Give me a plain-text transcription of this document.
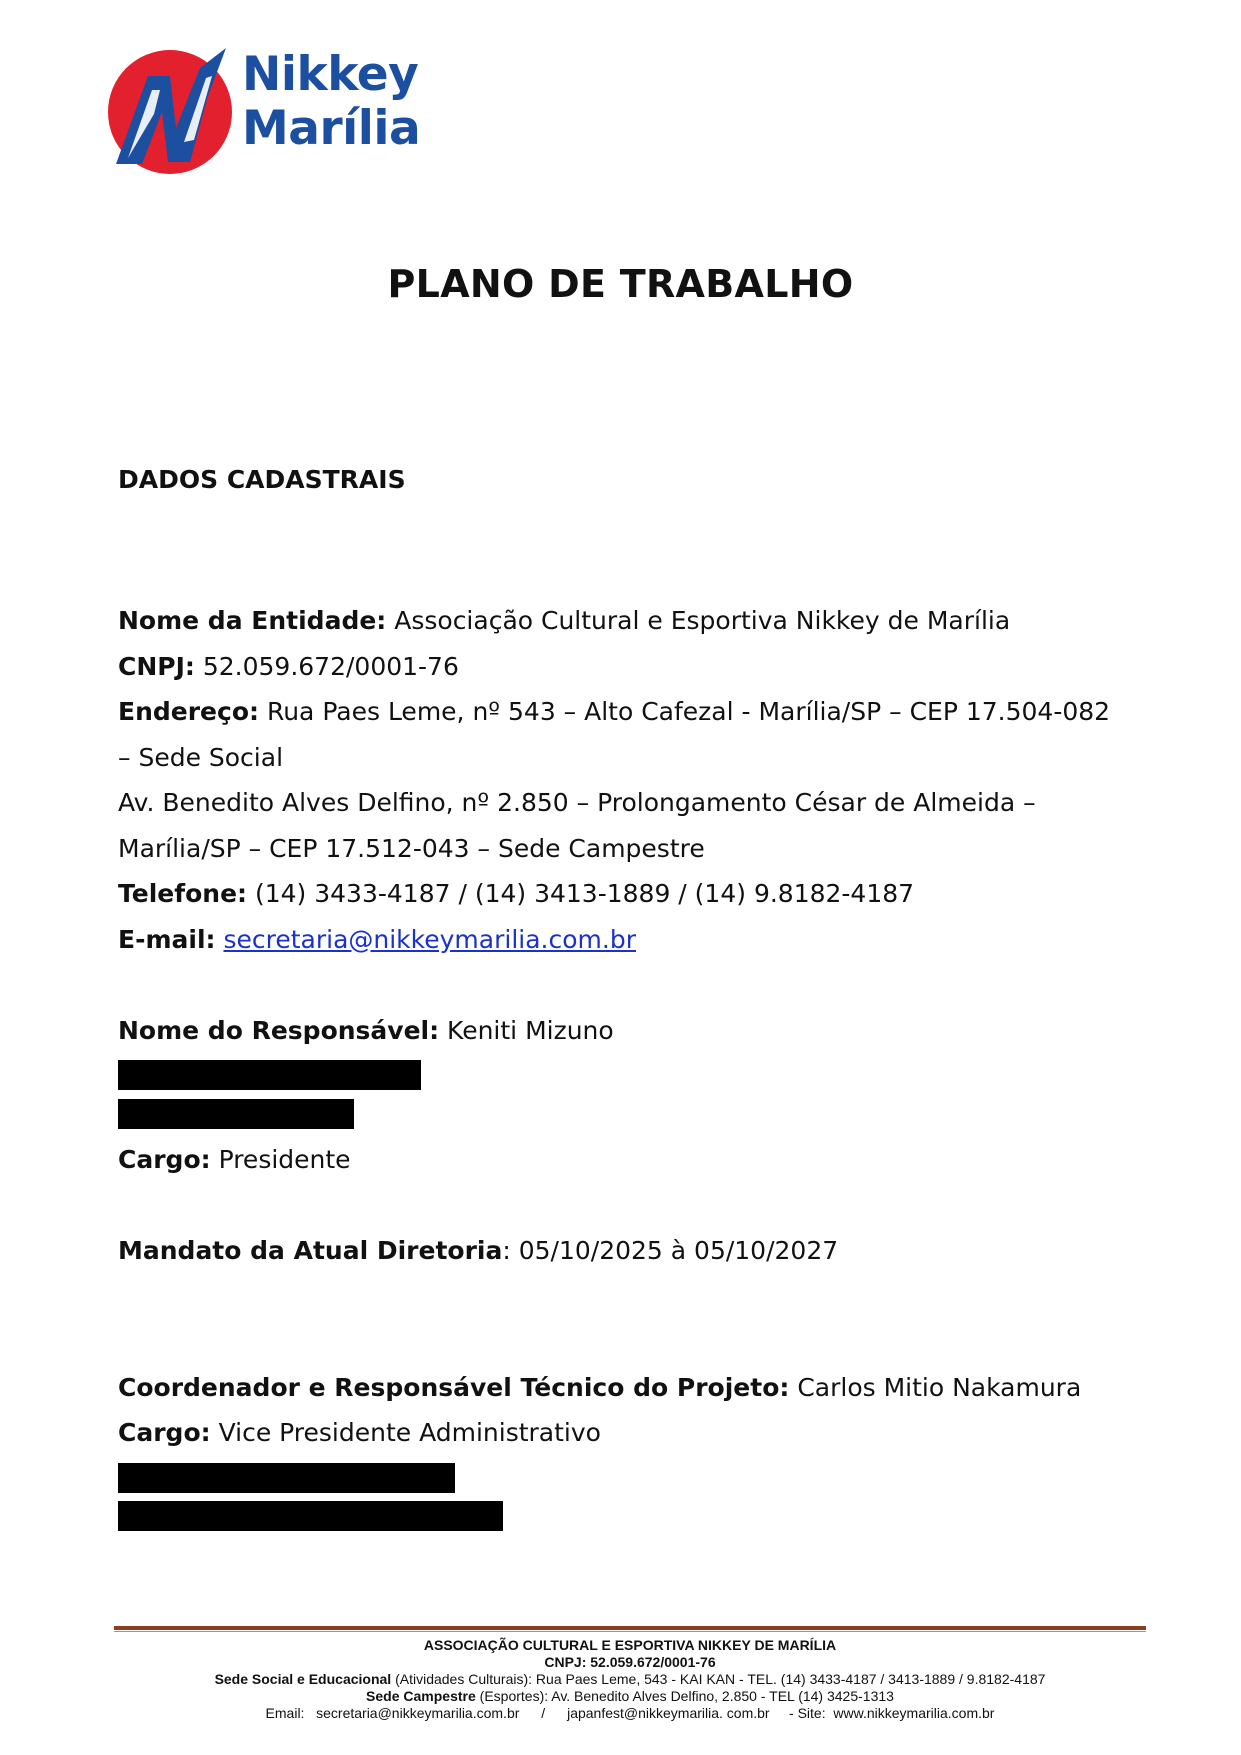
Nikkey
Marília
PLANO DE TRABALHO
DADOS CADASTRAIS
Nome da Entidade: Associação Cultural e Esportiva Nikkey de Marília
CNPJ: 52.059.672/0001-76
Endereço: Rua Paes Leme, nº 543 – Alto Cafezal - Marília/SP – CEP 17.504-082
– Sede Social
Av. Benedito Alves Delfino, nº 2.850 – Prolongamento César de Almeida –
Marília/SP – CEP 17.512-043 – Sede Campestre
Telefone: (14) 3433-4187 / (14) 3413-1889 / (14) 9.8182-4187
E-mail: secretaria@nikkeymarilia.com.br
Nome do Responsável: Keniti Mizuno
Cargo: Presidente
Mandato da Atual Diretoria: 05/10/2025 à 05/10/2027
Coordenador e Responsável Técnico do Projeto: Carlos Mitio Nakamura
Cargo: Vice Presidente Administrativo
ASSOCIAÇÃO CULTURAL E ESPORTIVA NIKKEY DE MARÍLIA
CNPJ: 52.059.672/0001-76
Sede Social e Educacional (Atividades Culturais): Rua Paes Leme, 543 - KAI KAN - TEL. (14) 3433-4187 / 3413-1889 / 9.8182-4187
Sede Campestre (Esportes): Av. Benedito Alves Delfino, 2.850 - TEL (14) 3425-1313
Email: secretaria@nikkeymarilia.com.br / japanfest@nikkeymarilia. com.br - Site: www.nikkeymarilia.com.br
